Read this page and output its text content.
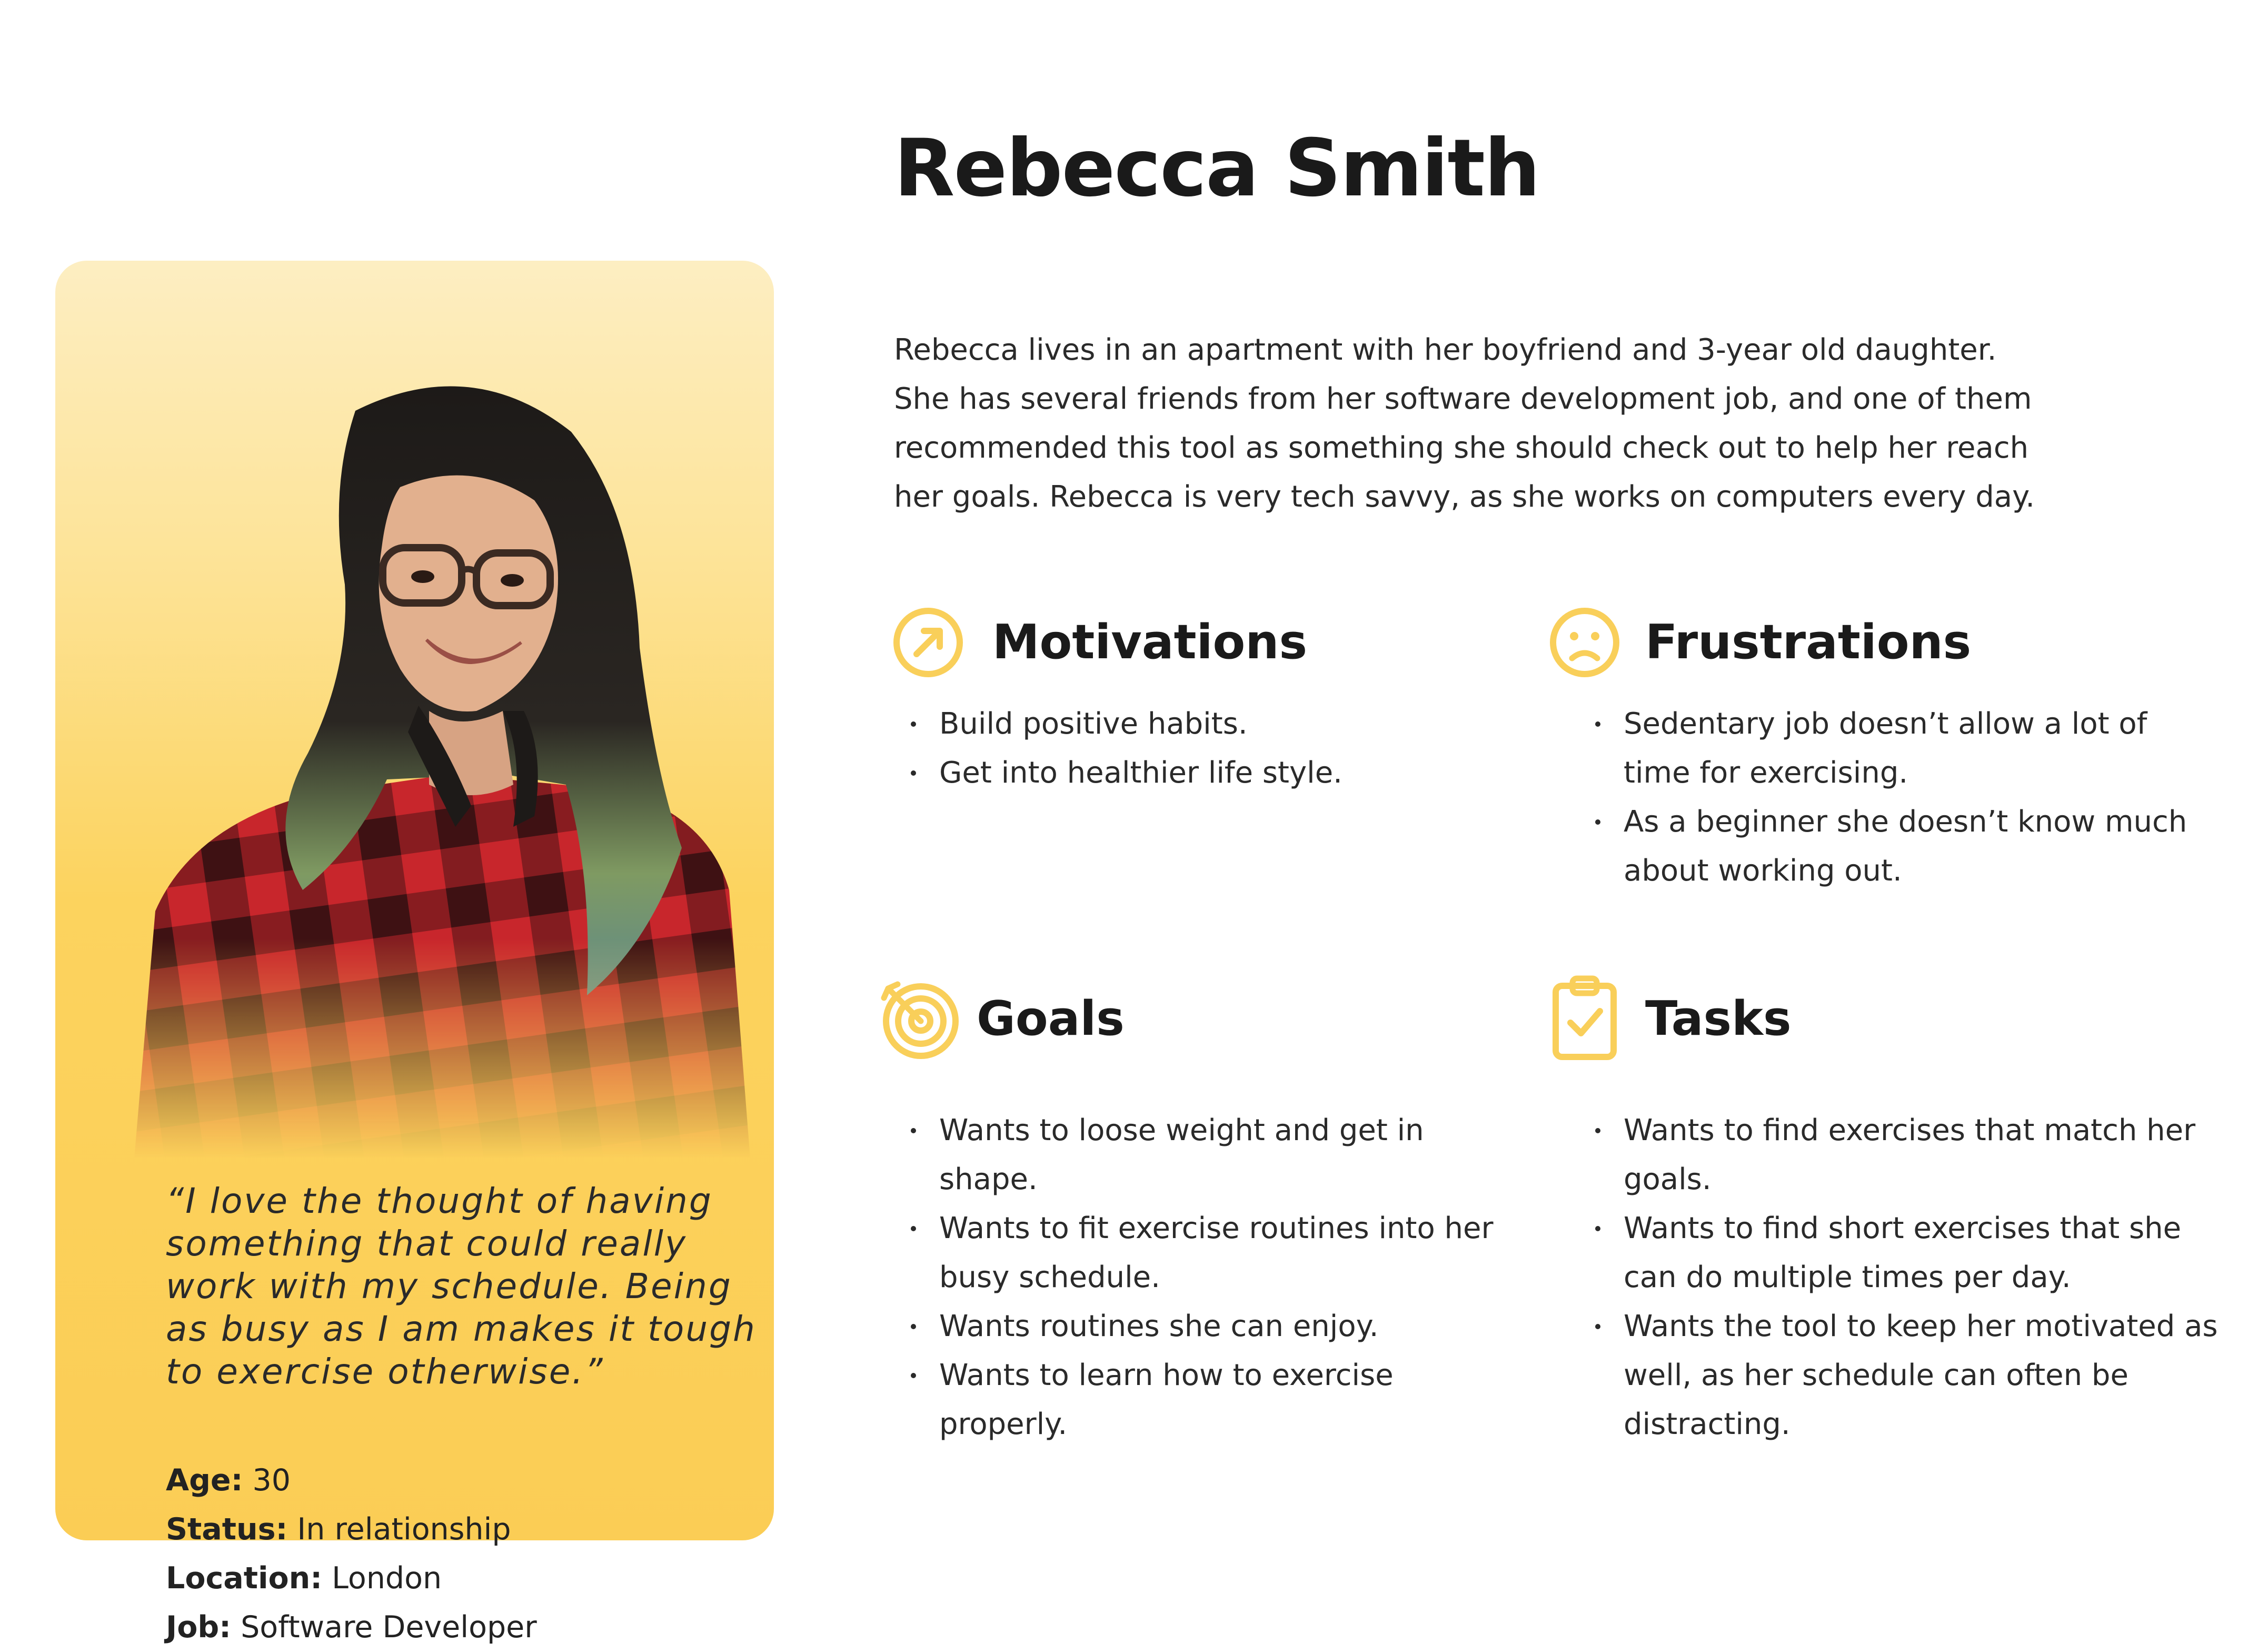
“I love the thought of having something that could really work with my schedule. Being as busy as I am makes it tough to exercise otherwise.”
Age: 30
Status: In relationship
Location: London
Job: Software Developer
Rebecca Smith
Rebecca lives in an apartment with her boyfriend and 3-year old daughter.
She has several friends from her software development job, and one of them
recommended this tool as something she should check out to help her reach
her goals. Rebecca is very tech savvy, as she works on computers every day.
Motivations
Build positive habits.
Get into healthier life style.
Frustrations
Sedentary job doesn’t allow a lot of time for exercising.
As a beginner she doesn’t know much about working out.
Goals
Wants to loose weight and get in shape.
Wants to fit exercise routines into her busy schedule.
Wants routines she can enjoy.
Wants to learn how to exercise properly.
Tasks
Wants to find exercises that match her goals.
Wants to find short exercises that she can do multiple times per day.
Wants the tool to keep her motivated as well, as her schedule can often be distracting.
